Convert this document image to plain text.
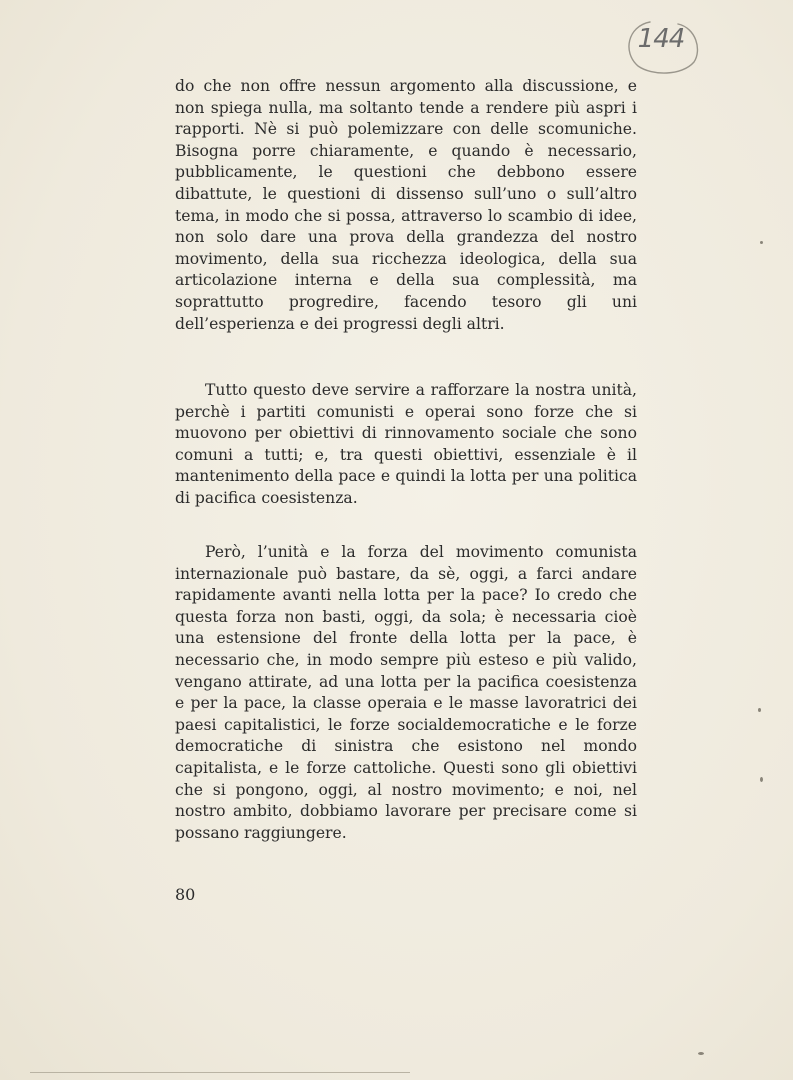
144

do che non offre nessun argomento alla discussione, e non spiega nulla, ma soltanto tende a rendere più aspri i rapporti. Nè si può polemizzare con delle scomuniche. Bisogna porre chiaramente, e quando è necessario, pubblicamente, le questioni che debbono essere dibattute, le questioni di dissenso sull’uno o sull’altro tema, in modo che si possa, attraverso lo scambio di idee, non solo dare una prova della grandezza del nostro movimento, della sua ricchezza ideologica, della sua articolazione interna e della sua complessità, ma soprattutto progredire, facendo tesoro gli uni dell’esperienza e dei progressi degli altri.

Tutto questo deve servire a rafforzare la nostra unità, perchè i partiti comunisti e operai sono forze che si muovono per obiettivi di rinnovamento sociale che sono comuni a tutti; e, tra questi obiettivi, essenziale è il mantenimento della pace e quindi la lotta per una politica di pacifica coesistenza.

Però, l’unità e la forza del movimento comunista internazionale può bastare, da sè, oggi, a farci andare rapidamente avanti nella lotta per la pace? Io credo che questa forza non basti, oggi, da sola; è necessaria cioè una estensione del fronte della lotta per la pace, è necessario che, in modo sempre più esteso e più valido, vengano attirate, ad una lotta per la pacifica coesistenza e per la pace, la classe operaia e le masse lavoratrici dei paesi capitalistici, le forze socialdemocratiche e le forze democratiche di sinistra che esistono nel mondo capitalista, e le forze cattoliche. Questi sono gli obiettivi che si pongono, oggi, al nostro movimento; e noi, nel nostro ambito, dobbiamo lavorare per precisare come si possano raggiungere.

80
